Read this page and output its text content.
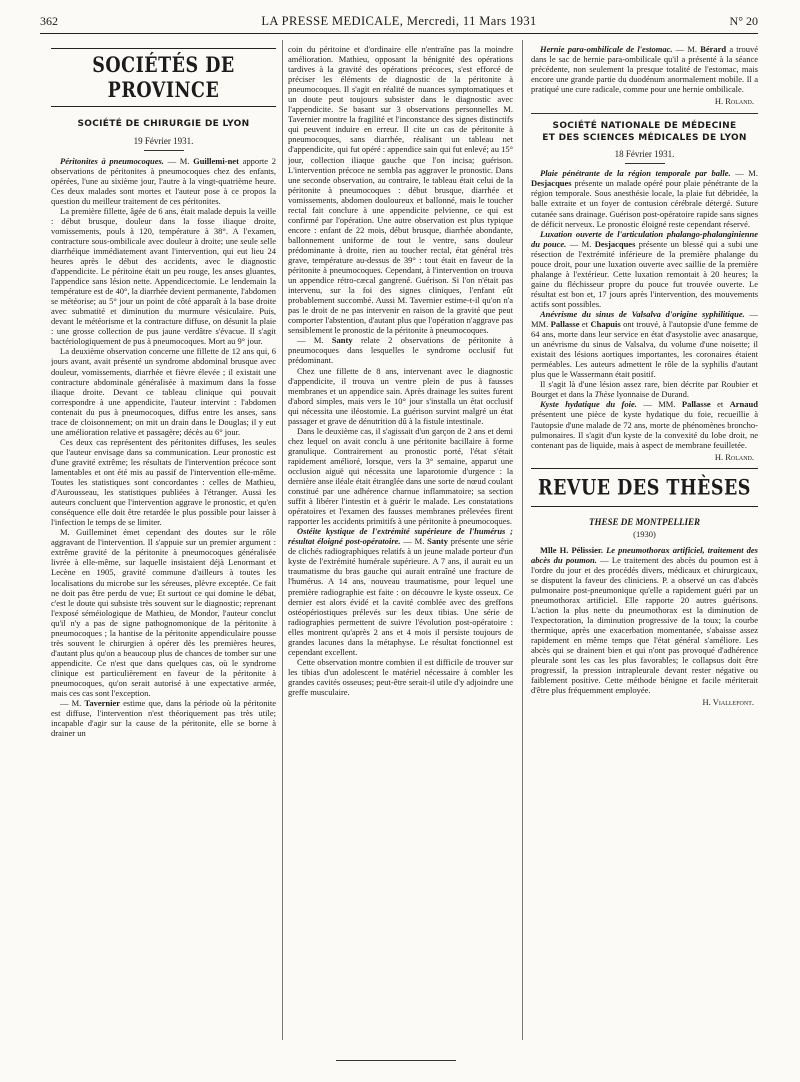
362	LA PRESSE MEDICALE, Mercredi, 11 Mars 1931	N° 20
SOCIÉTÉS DE PROVINCE
SOCIÉTÉ DE CHIRURGIE DE LYON
19 Février 1931.

Péritonites à pneumocoques. — M. Guillemi-net apporte 2 observations de péritonites à pneumocoques chez des enfants, opérées, l'une au sixième jour, l'autre à la vingt-quatrième heure. Ces deux malades sont mortes et l'auteur pose à ce propos la question du meilleur traitement de ces péritonites.

La première fillette, âgée de 6 ans, était malade depuis la veille : début brusque, douleur dans la fosse iliaque droite, vomissements, pouls à 120, température à 38°. A l'examen, contracture sous-ombilicale avec douleur à droite; une seule selle diarrhéique immédiatement avant l'intervention, qui eut lieu 24 heures après le début des accidents, avec le diagnostic d'appendicite. Le péritoine était un peu rouge, les anses gluantes, l'appendice sans lésion nette. Appendicectomie. Le lendemain la température est de 40°, la diarrhée devient permanente, l'abdomen se météorise; au 5° jour un point de côté apparaît à la base droite avec submatité et diminution du murmure vésiculaire. Puis, devant le météorisme et la contracture diffuse, on désunit la plaie : une grosse collection de pus jaune verdâtre s'évacue. Il s'agit bactériologiquement de pus à pneumocoques. Mort au 9° jour.

La deuxième observation concerne une fillette de 12 ans qui, 6 jours avant, avait présenté un syndrome abdominal brusque avec douleur, vomissements, diarrhée et fièvre élevée ; il existait une contracture abdominale généralisée à maximum dans la fosse iliaque droite. Devant ce tableau clinique qui pouvait correspondre à une appendicite, l'auteur intervint : l'abdomen contenait du pus à pneumocoques, diffus entre les anses, sans trace de cloisonnement; on mit un drain dans le Douglas; il y eut une amélioration relative et passagère; décès au 6° jour.

Ces deux cas représentent des péritonites diffuses, les seules que l'auteur envisage dans sa communication. Leur pronostic est d'une gravité extrême; les résultats de l'intervention précoce sont lamentables et ont été mis au passif de l'intervention elle-même. Toutes les statistiques sont concordantes : celles de Mathieu, d'Aurousseau, les statistiques publiées à l'étranger. Aussi les auteurs concluent que l'intervention aggrave le pronostic, et qu'en conséquence elle doit être retardée le plus possible pour laisser à l'infection le temps de se limiter.

M. Guilleminet émet cependant des doutes sur le rôle aggravant de l'intervention. Il s'appuie sur un premier argument : extrême gravité de la péritonite à pneumocoques généralisée livrée à elle-même, sur laquelle insistaient déjà Lenormant et Lecène en 1905, gravité commune d'ailleurs à toutes les localisations du microbe sur les séreuses, plèvre exceptée. Ce fait ne doit pas être perdu de vue; Et surtout ce qui domine le débat, c'est le doute qui subsiste très souvent sur le diagnostic; reprenant l'exposé séméiologique de Mathieu, de Mondor, l'auteur conclut qu'il n'y a pas de signe pathognomonique de la péritonite à pneumocoques ; la hantise de la péritonite appendiculaire pousse très souvent le chirurgien à opérer dès les premières heures, d'autant plus qu'on a beaucoup plus de chances de tomber sur une appendicite. Ce n'est que dans quelques cas, où le syndrome clinique est particulièrement en faveur de la péritonite à pneumocoques, qu'on serait autorisé à une expectative armée, mais ces cas sont l'exception.

— M. Tavernier estime que, dans la période où la péritonite est diffuse, l'intervention n'est théoriquement pas très utile; incapable d'agir sur la cause de la péritonite, elle se borne à drainer un

coin du péritoine et d'ordinaire elle n'entraîne pas la moindre amélioration. Mathieu, opposant la bénignité des opérations tardives à la gravité des opérations précoces, s'est efforcé de préciser les éléments de diagnostic de la péritonite à pneumocoques. Il s'agit en réalité de nuances symptomatiques et un doute peut toujours subsister dans le diagnostic avec l'appendicite. Se basant sur 3 observations personnelles M. Tavernier montre la fragilité et l'inconstance des signes distinctifs qui peuvent induire en erreur. Il cite un cas de péritonite à pneumocoques, sans diarrhée, réalisant un tableau net d'appendicite, qui fut opéré : appendice sain qui fut enlevé; au 15° jour, collection iliaque gauche que l'on incisa; guérison. L'intervention précoce ne sembla pas aggraver le pronostic. Dans une seconde observation, au contraire, le tableau était celui de la péritonite à pneumocoques : début brusque, diarrhée et vomissements, abdomen douloureux et ballonné, mais le toucher rectal fait conclure à une appendicite pelvienne, ce qui est confirmé par l'opération. Une autre observation est plus typique encore : enfant de 22 mois, début brusque, diarrhée abondante, ballonnement uniforme de tout le ventre, sans douleur prédominante à droite, rien au toucher rectal, état général très grave, température au-dessus de 39° : tout était en faveur de la péritonite à pneumocoques. Cependant, à l'intervention on trouva un appendice rétro-cæcal gangrené. Guérison. Si l'on n'était pas intervenu, sur la foi des signes cliniques, l'enfant eût probablement succombé. Aussi M. Tavernier estime-t-il qu'on n'a pas le droit de ne pas intervenir en raison de la gravité que peut comporter l'abstention, d'autant plus que l'opération n'aggrave pas sensiblement le pronostic de la péritonite à pneumocoques.

— M. Santy relate 2 observations de péritonite à pneumocoques dans lesquelles le syndrome occlusif fut prédominant.

Chez une fillette de 8 ans, intervenant avec le diagnostic d'appendicite, il trouva un ventre plein de pus à fausses membranes et un appendice sain. Après drainage les suites furent d'abord simples, mais vers le 10° jour s'installa un état occlusif qui nécessita une iléostomie. La guérison survint malgré un état passager et grave de dénutrition dû à la fistule intestinale.

Dans le deuxième cas, il s'agissait d'un garçon de 2 ans et demi chez lequel on avait conclu à une péritonite bacillaire à forme granulique. Contrairement au pronostic porté, l'état s'était rapidement amélioré, lorsque, vers la 3° semaine, apparut une occlusion aiguë qui nécessita une laparotomie d'urgence : la dernière anse iléale était étranglée dans une sorte de nœud coulant constitué par une adhérence charnue inflammatoire; sa section suffit à libérer l'intestin et à guérir le malade. Les constatations opératoires et l'examen des fausses membranes prélevées firent rapporter les accidents primitifs à une péritonite à pneumocoques.

Ostéite kystique de l'extrémité supérieure de l'humérus ; résultat éloigné post-opératoire. — M. Santy présente une série de clichés radiographiques relatifs à un jeune malade porteur d'un kyste de l'extrémité humérale supérieure. A 7 ans, il aurait eu un traumatisme du bras gauche qui aurait entraîné une fracture de l'humérus. A 14 ans, nouveau traumatisme, pour lequel une première radiographie est faite : on découvre le kyste osseux. Ce dernier est alors évidé et la cavité comblée avec des greffons ostéopériostiques prélevés sur les deux tibias. Une série de radiographies permettent de suivre l'évolution post-opératoire : elles montrent qu'après 2 ans et 4 mois il persiste toujours de grandes lacunes dans la métaphyse. Le résultat fonctionnel est cependant excellent.

Cette observation montre combien il est difficile de trouver sur les tibias d'un adolescent le matériel nécessaire à combler les grandes cavités osseuses; peut-être serait-il utile d'y adjoindre une greffe musculaire.

Hernie para-ombilicale de l'estomac. — M. Bérard a trouvé dans le sac de hernie para-ombilicale qu'il a présenté à la séance précédente, non seulement la presque totalité de l'estomac, mais encore une grande partie du duodénum anormalement mobile. Il a pratiqué une cure radicale, comme pour une hernie ombilicale.

H. Roland.
SOCIÉTÉ NATIONALE DE MÉDECINE
ET DES SCIENCES MÉDICALES DE LYON
18 Février 1931.

Plaie pénétrante de la région temporale par balle. — M. Desjacques présente un malade opéré pour plaie pénétrante de la région temporale. Sous anesthésie locale, la plaie fut débridée, la balle extraite et un foyer de contusion cérébrale détergé. Suture cutanée sans drainage. Guérison post-opératoire rapide sans signes de déficit nerveux. Le pronostic éloigné reste cependant réservé.

Luxation ouverte de l'articulation phalango-phalanginienne du pouce. — M. Desjacques présente un blessé qui a subi une résection de l'extrémité inférieure de la première phalange du pouce droit, pour une luxation ouverte avec saillie de la première phalange à l'extérieur. Cette luxation remontait à 20 heures; la gaine du fléchisseur propre du pouce fut trouvée ouverte. Le résultat est bon et, 17 jours après l'intervention, des mouvements actifs sont possibles.

Anévrisme du sinus de Valsalva d'origine syphilitique. — MM. Pallasse et Chapuis ont trouvé, à l'autopsie d'une femme de 64 ans, morte dans leur service en état d'asystolie avec anasarque, un anévrisme du sinus de Valsalva, du volume d'une noisette; il existait des lésions aortiques importantes, les coronaires étaient perméables. Les auteurs admettent le rôle de la syphilis d'autant plus que le Wassermann était positif.

Il s'agit là d'une lésion assez rare, bien décrite par Roubier et Bourget et dans la Thèse lyonnaise de Durand.

Kyste hydatique du foie. — MM. Pallasse et Arnaud présentent une pièce de kyste hydatique du foie, recueillie à l'autopsie d'une malade de 72 ans, morte de phénomènes broncho-pulmonaires. Il s'agit d'un kyste de la convexité du lobe droit, ne contenant pas de liquide, mais à aspect de membrane feuilletée.

H. Roland.
REVUE DES THÈSES
THESE DE MONTPELLIER
(1930)

Mlle H. Pélissier. Le pneumothorax artificiel, traitement des abcès du poumon. — Le traitement des abcès du poumon est à l'ordre du jour et des procédés divers, médicaux et chirurgicaux, se disputent la faveur des cliniciens. P. a observé un cas d'abcès pulmonaire post-pneumonique qu'elle a rapidement guéri par un pneumothorax artificiel. Elle rapporte 20 autres guérisons. L'action la plus nette du pneumothorax est la diminution de l'expectoration, la diminution progressive de la toux; la courbe thermique, après une exacerbation momentanée, s'abaisse assez rapidement en même temps que l'état général s'améliore. Les abcès qui se drainent bien et qui n'ont pas provoqué d'adhérence pleurale sont les cas les plus favorables; le collapsus doit être progressif, la pression intrapleurale devant rester négative ou faiblement positive. Cette méthode bénigne et facile mériterait d'être plus fréquemment employée.

H. Viallefont.
